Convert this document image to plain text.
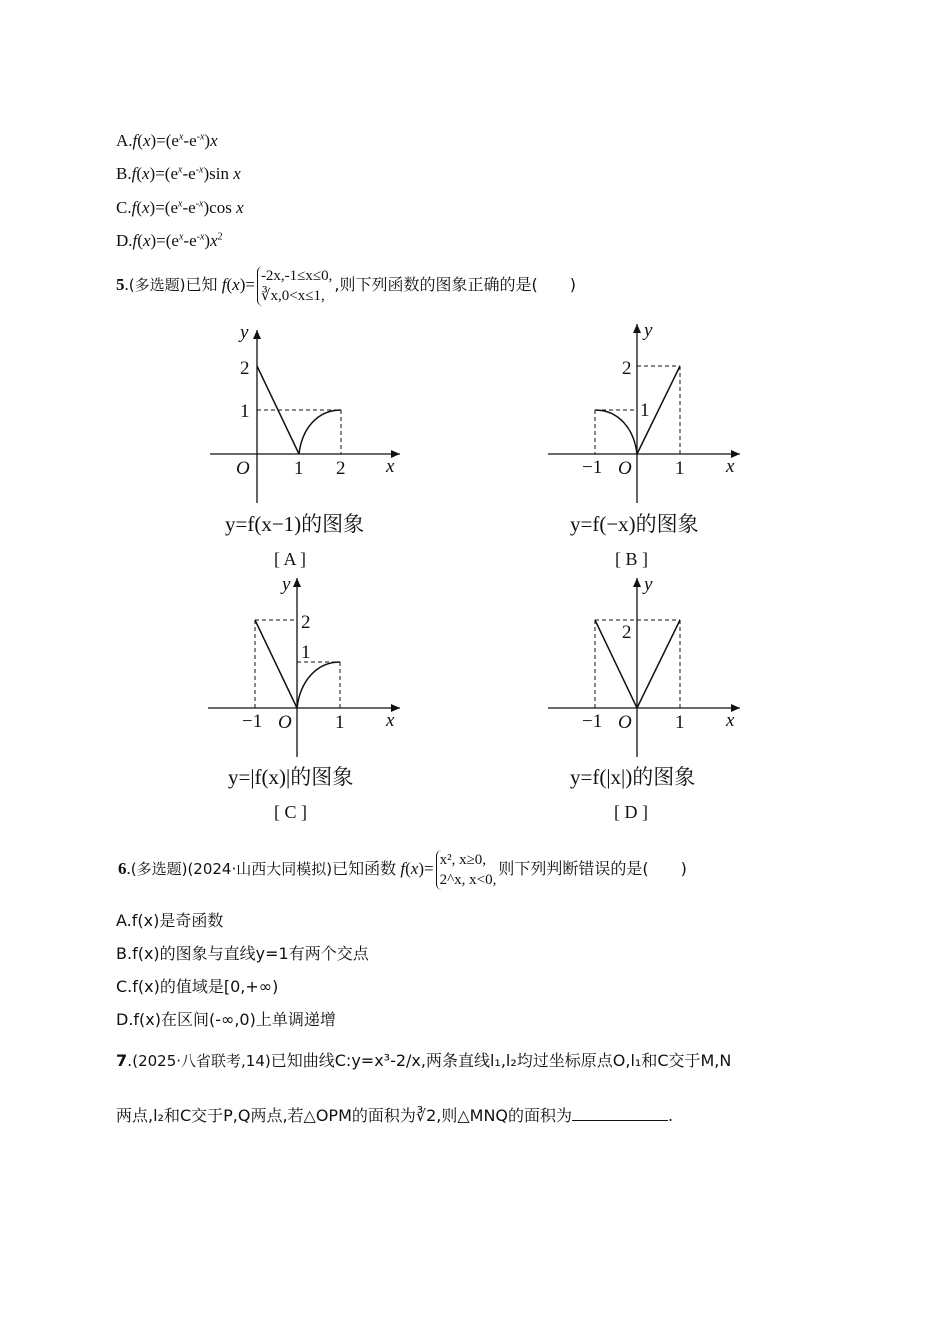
$A.f(x)=(e^x-e^{-x})x$
$B.f(x)=(e^x-e^{-x})\sin$ x
$C.f(x)=(e^x-e^{-x})\cos$ x
$D.f(x)=(e^x-e^{-x})x^2$
5.(多选题)已知 f(x)= -2x,-1≤x≤0,
∛x,0<x≤1,
,则下列函数的图象正确的是(　　)
O 1 2
2
1
x
y
y=f(x−1)的图象
[ A ]
−1 O 1
2
1
x
y
y=f(−x)的图象
[ B ]
−1 O 1
2
1
x
y
y=|f(x)|的图象
[ C ]
−1 O 1
2
x
y
y=f(|x|)的图象
[ D ]
6.(多选题)(2024·山西大同模拟)已知函数 f(x)= x², x≥0,
2^x, x<0,
则下列判断错误的是(　　)
A.f(x)是奇函数
B.f(x)的图象与直线y=1有两个交点
C.f(x)的值域是[0,+∞)
D.f(x)在区间(-∞,0)上单调递增
7.(2025·八省联考,14)已知曲线C:y=x³-2/x,两条直线l₁,l₂均过坐标原点O,l₁和C交于M,N
两点,l₂和C交于P,Q两点,若△OPM的面积为∛2,则△MNQ的面积为	.
